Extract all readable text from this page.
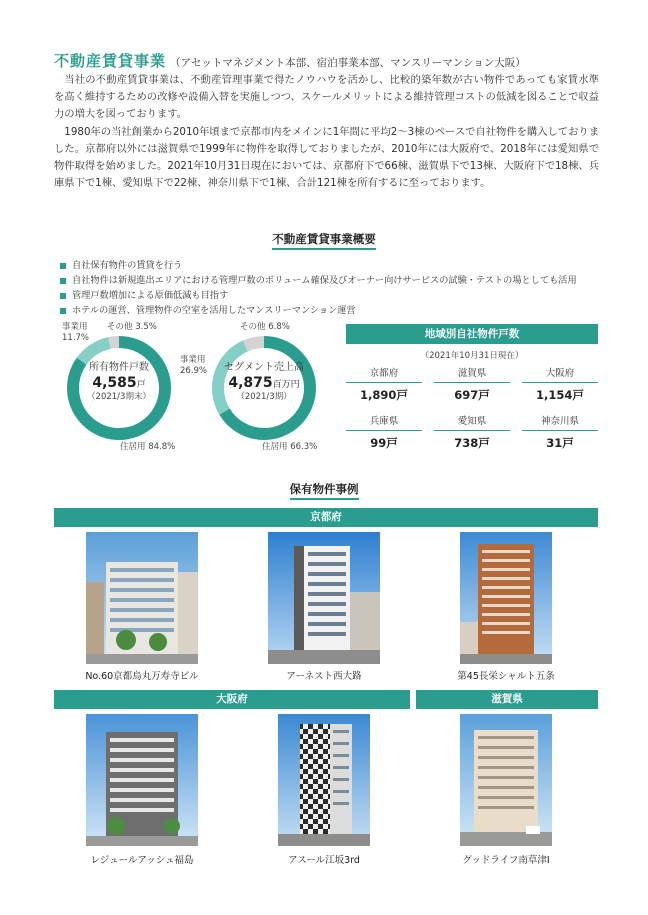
不動産賃貸事業 （アセットマネジメント本部、宿泊事業本部、マンスリーマンション大阪）

当社の不動産賃貸事業は、不動産管理事業で得たノウハウを活かし、比較的築年数が古い物件であっても家賃水準を高く維持するための改修や設備入替を実施しつつ、スケールメリットによる維持管理コストの低減を図ることで収益力の増大を図っております。

1980年の当社創業から2010年頃まで京都市内をメインに1年間に平均2～3棟のペースで自社物件を購入しておりました。京都府以外には滋賀県で1999年に物件を取得しておりましたが、2010年には大阪府で、2018年には愛知県で物件取得を始めました。2021年10月31日現在においては、京都府下で66棟、滋賀県下で13棟、大阪府下で18棟、兵庫県下で1棟、愛知県下で22棟、神奈川県下で1棟、合計121棟を所有するに至っております。

不動産賃貸事業概要
自社保有物件の賃貸を行う
自社物件は新規進出エリアにおける管理戸数のボリューム確保及びオーナー向けサービスの試験・テストの場としても活用
管理戸数増加による原価低減も目指す
ホテルの運営、管理物件の空室を活用したマンスリーマンション運営
所有物件戸数
4,585戸
（2021/3期末）
事業用
11.7%
その他 3.5%
住居用 84.8%
セグメント売上高
4,875百万円
（2021/3期）
事業用
26.9%
その他 6.8%
住居用 66.3%
地域別自社物件戸数
（2021年10月31日現在）
京都府
1,890戸
滋賀県
697戸
大阪府
1,154戸
兵庫県
99戸
愛知県
738戸
神奈川県
31戸
保有物件事例
京都府
No.60京都烏丸万寿寺ビル	アーネスト西大路	第45長栄シャルト五条
大阪府	滋賀県
レジュールアッシュ福島	アスール江坂3rd	グッドライフ南草津Ⅰ
